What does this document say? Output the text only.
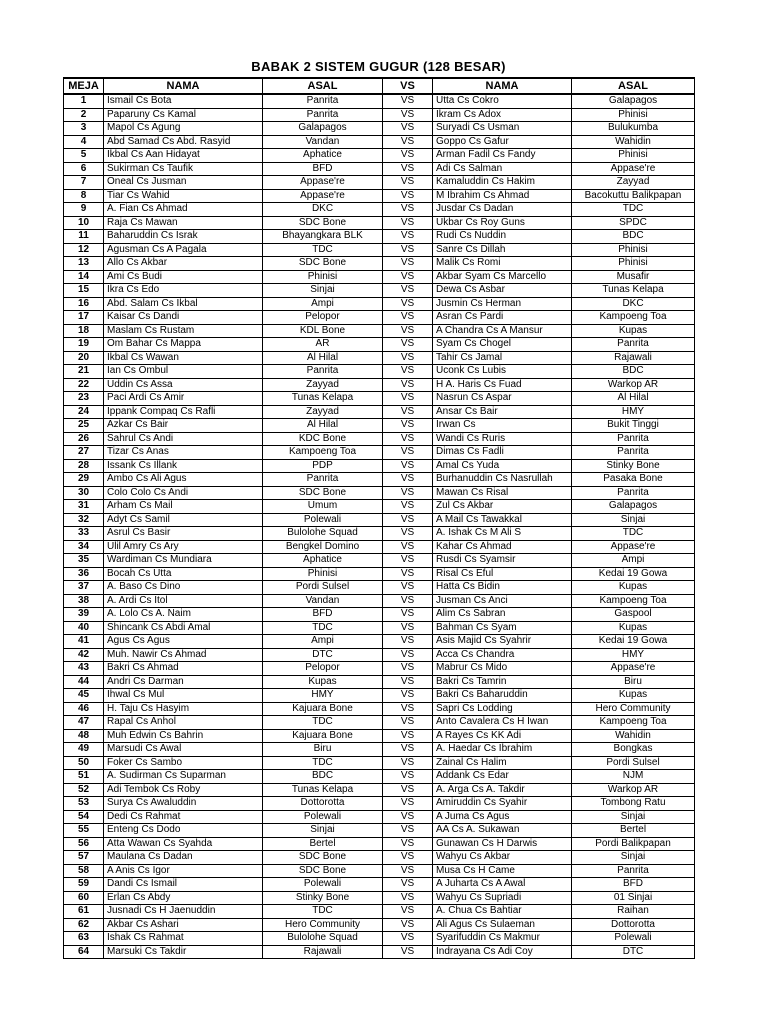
BABAK 2 SISTEM GUGUR (128 BESAR)
MEJA	NAMA	ASAL	VS	NAMA	ASAL
1	Ismail Cs Bota	Panrita	VS	Utta Cs Cokro	Galapagos
2	Paparuny Cs Kamal	Panrita	VS	Ikram Cs Adox	Phinisi
3	Mapol Cs Agung	Galapagos	VS	Suryadi Cs Usman	Bulukumba
4	Abd Samad Cs Abd. Rasyid	Vandan	VS	Goppo Cs Gafur	Wahidin
5	Ikbal Cs Aan Hidayat	Aphatice	VS	Arman Fadil Cs Fandy	Phinisi
6	Sukirman Cs Taufik	BFD	VS	Adi Cs Salman	Appase're
7	Oneal Cs Jusman	Appase're	VS	Kamaluddin Cs Hakim	Zayyad
8	Tiar Cs Wahid	Appase're	VS	M Ibrahim Cs Ahmad	Bacokuttu Balikpapan
9	A. Fian Cs Ahmad	DKC	VS	Jusdar Cs Dadan	TDC
10	Raja Cs Mawan	SDC Bone	VS	Ukbar Cs Roy Guns	SPDC
11	Baharuddin Cs Israk	Bhayangkara BLK	VS	Rudi Cs Nuddin	BDC
12	Agusman Cs A Pagala	TDC	VS	Sanre Cs Dillah	Phinisi
13	Allo Cs Akbar	SDC Bone	VS	Malik Cs Romi	Phinisi
14	Ami Cs Budi	Phinisi	VS	Akbar Syam Cs Marcello	Musafir
15	Ikra Cs Edo	Sinjai	VS	Dewa Cs Asbar	Tunas Kelapa
16	Abd. Salam Cs Ikbal	Ampi	VS	Jusmin Cs Herman	DKC
17	Kaisar Cs Dandi	Pelopor	VS	Asran Cs Pardi	Kampoeng Toa
18	Maslam Cs Rustam	KDL Bone	VS	A Chandra Cs A Mansur	Kupas
19	Om Bahar Cs Mappa	AR	VS	Syam Cs Chogel	Panrita
20	Ikbal Cs Wawan	Al Hilal	VS	Tahir Cs Jamal	Rajawali
21	Ian Cs Ombul	Panrita	VS	Uconk Cs Lubis	BDC
22	Uddin Cs Assa	Zayyad	VS	H A. Haris Cs Fuad	Warkop AR
23	Paci Ardi Cs Amir	Tunas Kelapa	VS	Nasrun Cs Aspar	Al Hilal
24	Ippank Compaq Cs Rafli	Zayyad	VS	Ansar Cs Bair	HMY
25	Azkar Cs Bair	Al Hilal	VS	Irwan Cs	Bukit Tinggi
26	Sahrul Cs Andi	KDC Bone	VS	Wandi Cs Ruris	Panrita
27	Tizar Cs Anas	Kampoeng Toa	VS	Dimas Cs Fadli	Panrita
28	Issank Cs Illank	PDP	VS	Amal Cs Yuda	Stinky Bone
29	Ambo Cs Ali Agus	Panrita	VS	Burhanuddin Cs Nasrullah	Pasaka Bone
30	Colo Colo Cs Andi	SDC Bone	VS	Mawan Cs Risal	Panrita
31	Arham Cs Mail	Umum	VS	Zul Cs Akbar	Galapagos
32	Adyt Cs Samil	Polewali	VS	A Mail Cs Tawakkal	Sinjai
33	Asrul Cs Basir	Bulolohe Squad	VS	A. Ishak Cs M Ali S	TDC
34	Ulil Amry Cs Ary	Bengkel Domino	VS	Kahar Cs Ahmad	Appase're
35	Wardiman Cs Mundiara	Aphatice	VS	Rusdi Cs Syamsir	Ampi
36	Bocah Cs Utta	Phinisi	VS	Risal Cs Eful	Kedai 19 Gowa
37	A. Baso Cs Dino	Pordi Sulsel	VS	Hatta Cs Bidin	Kupas
38	A. Ardi Cs Itol	Vandan	VS	Jusman Cs Anci	Kampoeng Toa
39	A. Lolo Cs A. Naim	BFD	VS	Alim Cs Sabran	Gaspool
40	Shincank Cs Abdi Amal	TDC	VS	Bahman Cs Syam	Kupas
41	Agus Cs Agus	Ampi	VS	Asis Majid Cs Syahrir	Kedai 19 Gowa
42	Muh. Nawir Cs Ahmad	DTC	VS	Acca Cs Chandra	HMY
43	Bakri Cs Ahmad	Pelopor	VS	Mabrur Cs Mido	Appase're
44	Andri Cs Darman	Kupas	VS	Bakri Cs Tamrin	Biru
45	Ihwal Cs Mul	HMY	VS	Bakri Cs Baharuddin	Kupas
46	H. Taju Cs Hasyim	Kajuara Bone	VS	Sapri Cs Lodding	Hero Community
47	Rapal Cs Anhol	TDC	VS	Anto Cavalera Cs H Iwan	Kampoeng Toa
48	Muh Edwin Cs Bahrin	Kajuara Bone	VS	A Rayes Cs KK Adi	Wahidin
49	Marsudi Cs Awal	Biru	VS	A. Haedar Cs Ibrahim	Bongkas
50	Foker Cs Sambo	TDC	VS	Zainal Cs Halim	Pordi Sulsel
51	A. Sudirman Cs Suparman	BDC	VS	Addank Cs Edar	NJM
52	Adi Tembok Cs Roby	Tunas Kelapa	VS	A. Arga Cs A. Takdir	Warkop AR
53	Surya Cs Awaluddin	Dottorotta	VS	Amiruddin Cs Syahir	Tombong Ratu
54	Dedi Cs Rahmat	Polewali	VS	A Juma Cs Agus	Sinjai
55	Enteng Cs Dodo	Sinjai	VS	AA Cs A. Sukawan	Bertel
56	Atta Wawan Cs Syahda	Bertel	VS	Gunawan Cs H Darwis	Pordi Balikpapan
57	Maulana Cs Dadan	SDC Bone	VS	Wahyu Cs Akbar	Sinjai
58	A Anis Cs Igor	SDC Bone	VS	Musa Cs H Came	Panrita
59	Dandi Cs Ismail	Polewali	VS	A Juharta Cs A Awal	BFD
60	Erlan Cs Abdy	Stinky Bone	VS	Wahyu Cs Supriadi	01 Sinjai
61	Jusnadi Cs H Jaenuddin	TDC	VS	A. Chua Cs Bahtiar	Raihan
62	Akbar Cs Ashari	Hero Community	VS	Ali Agus Cs Sulaeman	Dottorotta
63	Ishak Cs Rahmat	Bulolohe Squad	VS	Syarifuddin Cs Makmur	Polewali
64	Marsuki Cs Takdir	Rajawali	VS	Indrayana Cs Adi Coy	DTC
